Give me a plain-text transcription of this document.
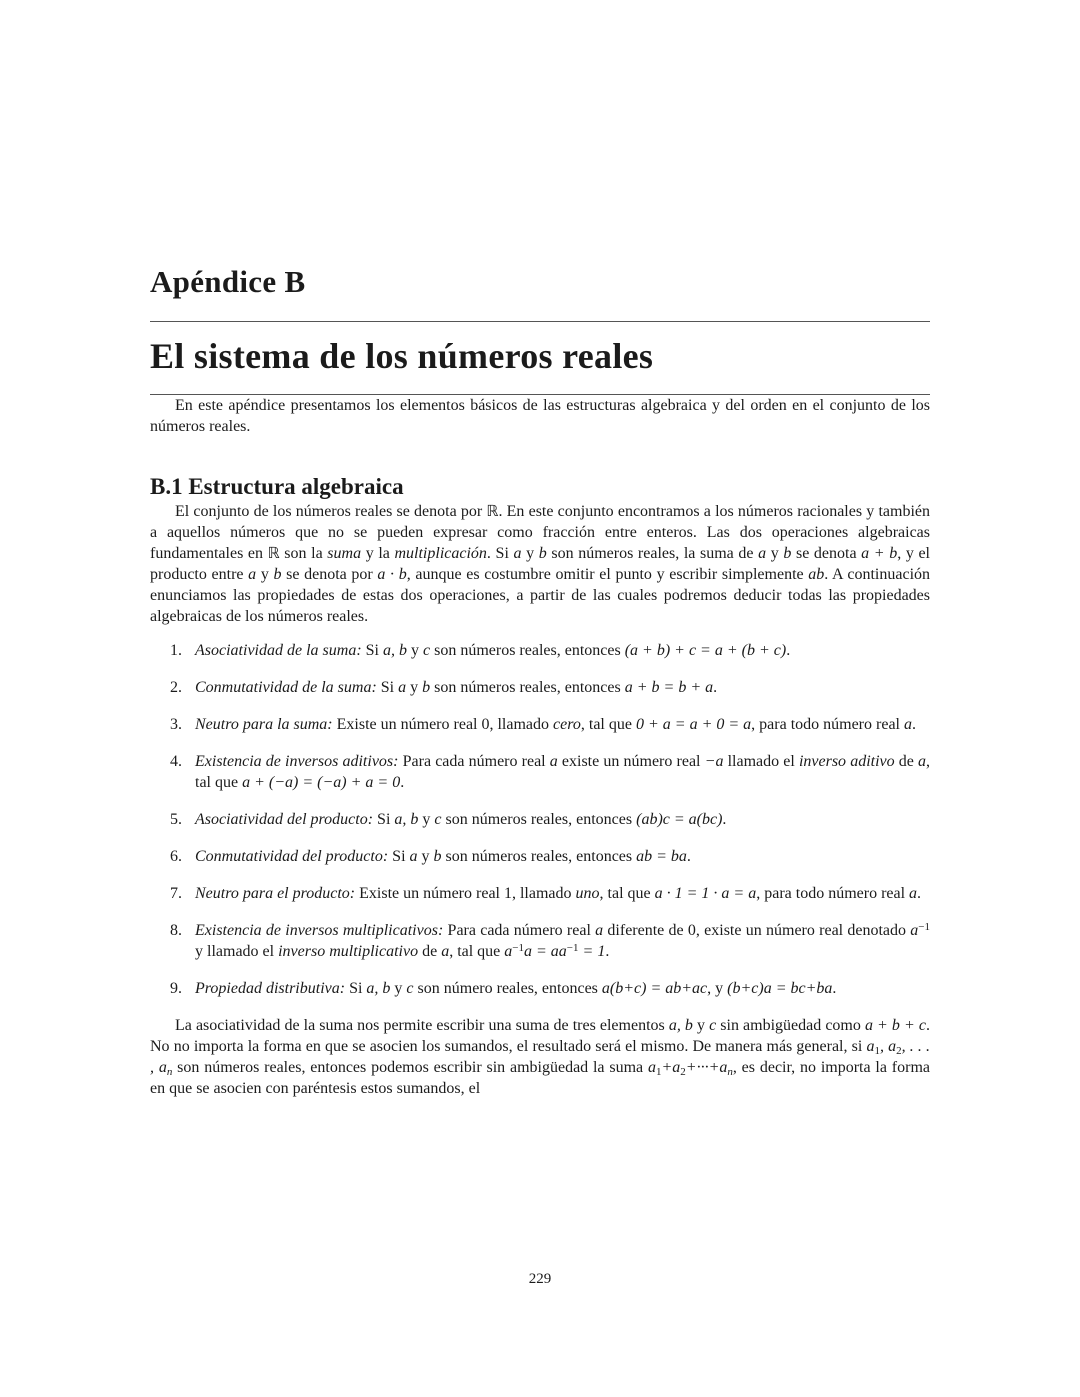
Apéndice B
El sistema de los números reales

En este apéndice presentamos los elementos básicos de las estructuras algebraica y del orden en el conjunto de los números reales.

B.1 Estructura algebraica

El conjunto de los números reales se denota por ℝ. En este conjunto encontramos a los números racionales y también a aquellos números que no se pueden expresar como fracción entre enteros. Las dos operaciones algebraicas fundamentales en ℝ son la suma y la multiplicación. Si a y b son números reales, la suma de a y b se denota a + b, y el producto entre a y b se denota por a · b, aunque es costumbre omitir el punto y escribir simplemente ab. A continuación enunciamos las propiedades de estas dos operaciones, a partir de las cuales podremos deducir todas las propiedades algebraicas de los números reales.

1. Asociatividad de la suma: Si a, b y c son números reales, entonces (a + b) + c = a + (b + c).
2. Conmutatividad de la suma: Si a y b son números reales, entonces a + b = b + a.
3. Neutro para la suma: Existe un número real 0, llamado cero, tal que 0 + a = a + 0 = a, para todo número real a.
4. Existencia de inversos aditivos: Para cada número real a existe un número real −a llamado el inverso aditivo de a, tal que a + (−a) = (−a) + a = 0.
5. Asociatividad del producto: Si a, b y c son números reales, entonces (ab)c = a(bc).
6. Conmutatividad del producto: Si a y b son números reales, entonces ab = ba.
7. Neutro para el producto: Existe un número real 1, llamado uno, tal que a · 1 = 1 · a = a, para todo número real a.
8. Existencia de inversos multiplicativos: Para cada número real a diferente de 0, existe un número real denotado $a^{-1}$ y llamado el inverso multiplicativo de a, tal que $a^{-1}a = aa^{-1} = 1$.
9. Propiedad distributiva: Si a, b y c son número reales, entonces a(b+c) = ab+ac, y (b+c)a = bc+ba.

La asociatividad de la suma nos permite escribir una suma de tres elementos a, b y c sin ambigüedad como a + b + c. No no importa la forma en que se asocien los sumandos, el resultado será el mismo. De manera más general, si $a_1$, $a_2$, . . . , $a_n$ son números reales, entonces podemos escribir sin ambigüedad la suma $a_1+a_2+\cdot\cdot\cdot+a_n$, es decir, no importa la forma en que se asocien con paréntesis estos sumandos, el

229
